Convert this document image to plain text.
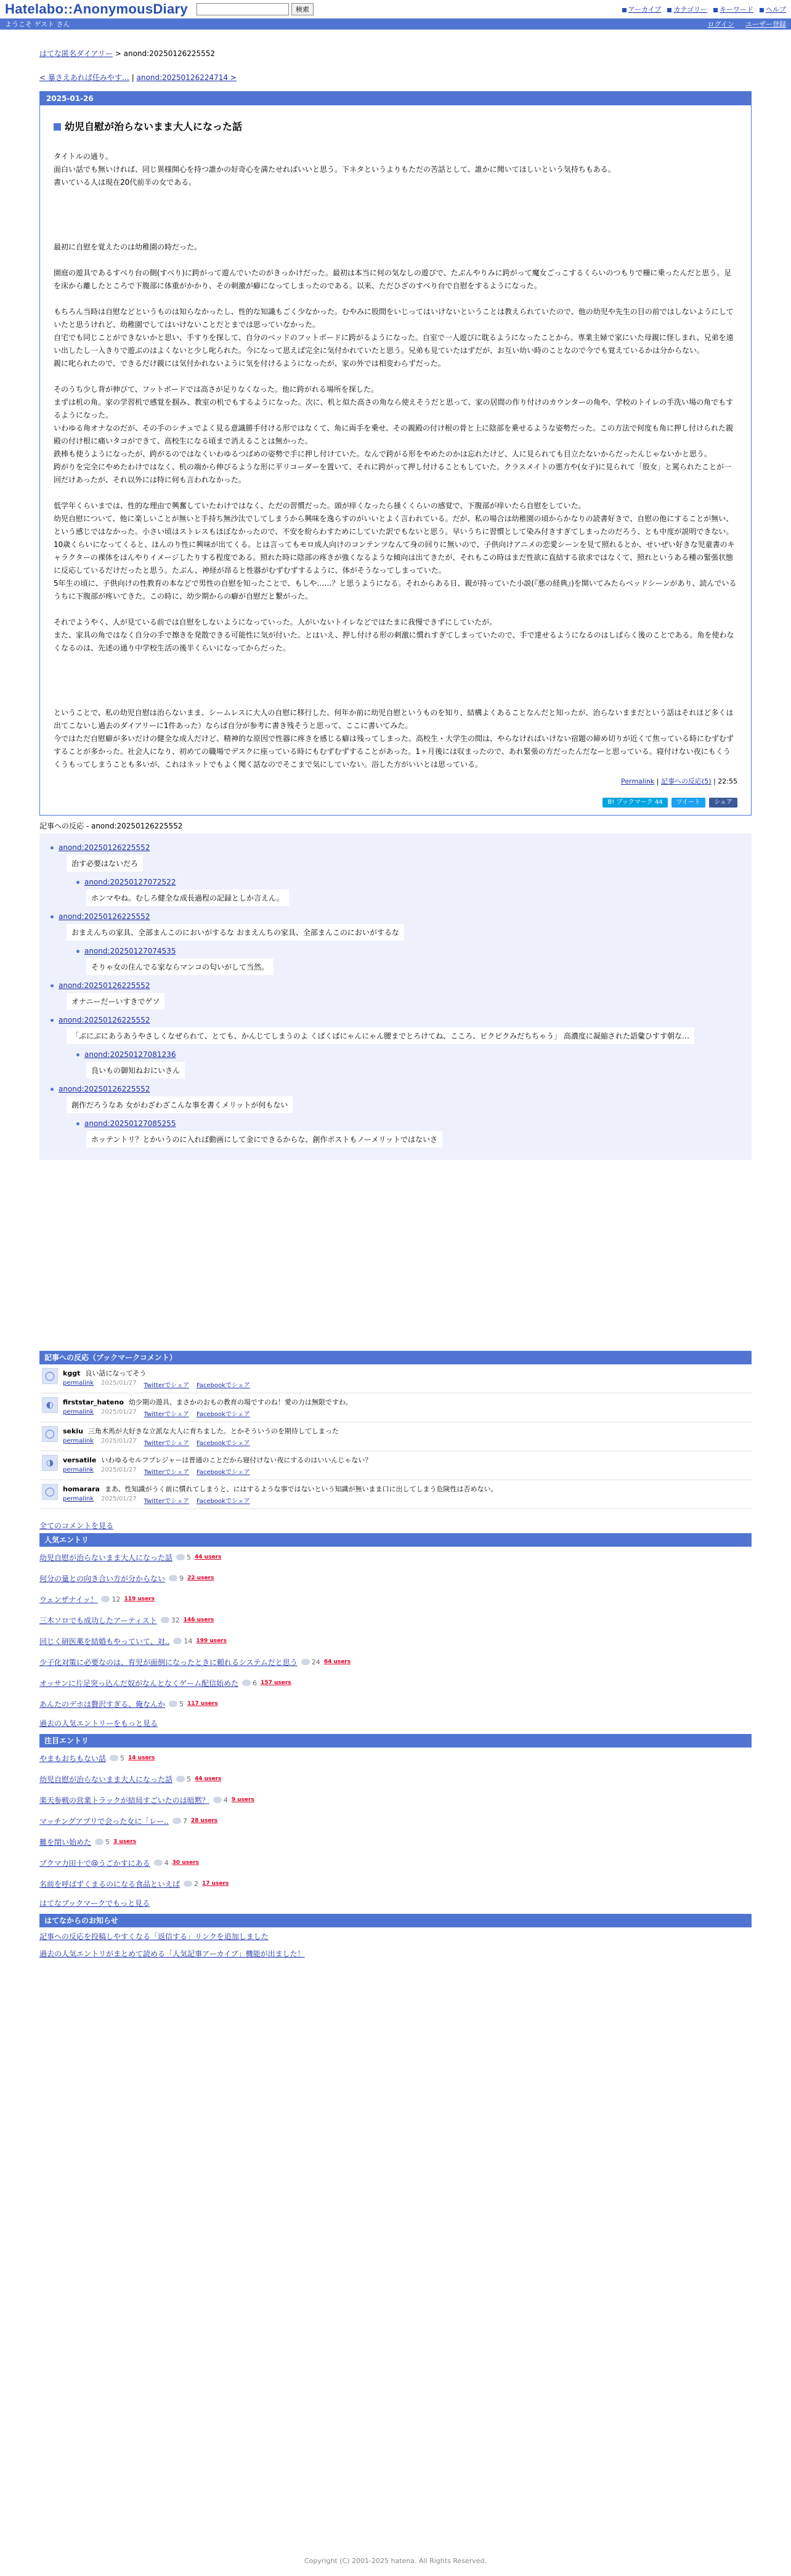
Hatelabo::AnonymousDiary	検索	アーカイブ	カテゴリー	キーワード	ヘルプ
ようこそ ゲスト さん	ログイン ユーザー登録
はてな匿名ダイアリー > anond:20250126225552
< 暴さえあれば任みやす… | anond:20250126224714 >
2025-01-26
幼児自慰が治らないまま大人になった話

タイトルの通り。

面白い話でも無いければ、同じ異様開心を持つ誰かの好奇心を満たせればいいと思う。下ネタというよりもただの苦話として、誰かに聞いてほしいという気持ちもある。

書いている人は現在20代前半の女である。

最初に自慰を覚えたのは幼稚園の時だった。

園庭の遊具であるすべり台の側(すべり)に跨がって遊んでいたのがきっかけだった。最初は本当に何の気なしの遊びで、たぶんやりみに跨がって魔女ごっこするくらいのつもりで柵に乗ったんだと思う。足を床から離したところで下腹部に体重がかかり、その刺激が癖になってしまったのである。以来、ただひざのすべり台で自慰をするようになった。

もちろん当時は自慰などというものは知らなかったし、性的な知識もごく少なかった。むやみに股間をいじってはいけないということは教えられていたので、他の幼児や先生の目の前ではしないようにしていたと思うけれど、幼稚園でしてはいけないことだとまでは思っていなかった。

自宅でも同じことができないかと思い、手すりを探して、自分のベッドのフットボードに跨がるようになった。自室で一人遊びに耽るようになったことから、専業主婦で家にいた母親に怪しまれ、兄弟を遠い出したし一入きりで遊ぶのはよくないと少し叱られた。今になって思えば完全に気付かれていたと思う。兄弟も見ていたはずだが、お互い幼い時のことなので今でも覚えているかは分からない。

親に叱られたので、できるだけ親には気付かれないように気を付けるようになったが、家の外では相変わらずだった。

そのうち少し背が伸びて、フットボードでは高さが足りなくなった。他に跨がれる場所を探した。

まずは机の角。家の学習机で感覚を掴み、教室の机でもするようになった。次に、机と似た高さの角なら使えそうだと思って、家の居間の作り付けのカウンターの角や、学校のトイレの手洗い場の角でもするようになった。

いわゆる角オナなのだが、その手のシチュでよく見る意識勝手付ける形ではなくて、角に両手を乗せ、その親殿の付け根の骨と上に陰部を乗せるような姿勢だった。この方法で何度も角に押し付けられた親殿の付け根に痛いタコができて、高校生になる頃まで消えることは無かった。

鉄棒も使うようになったが、跨がるのではなくいわゆるつばめの姿勢で手に押し付けていた。なんで跨がる形をやめたのかは忘れたけど、人に見られても目立たないからだったんじゃないかと思う。

跨がりを完全にやめたわけではなく、机の端から伸びるような形に平リコーダーを置いて、それに跨がって押し付けることもしていた。クラスメイトの悪方や(女子)に見られて「股女」と罵られたことが一回だけあったが、それ以外には特に何も言われなかった。

低学年くらいまでは、性的な理由で興奮していたわけではなく、ただの習慣だった。頭が痒くなったら掻くくらいの感覚で、下腹部が痒いたら自慰をしていた。

幼児自慰について、他に楽しいことが無いと手持ち無沙汰でしてしまうから興味を逸らすのがいいとよく言われている。だが、私の場合は幼稚園の頃からかなりの読書好きで、自慰の他にすることが無い、という感じではなかった。小さい頃はストレスもほぼなかったので、不安を紛らわすためにしていた訳でもないと思う。早いうちに習慣として染み付きすぎてしまったのだろう、とも中度が説明できない。

10歳くらいになってくると、ほんのり性に興味が出てくる。とは言ってもモロ成人向けのコンテンツなんて身の回りに無いので、子供向けアニメの恋愛シーンを見て照れるとか、せいぜい好きな児童書のキャラクターの裸体をはんやりイメージしたりする程度である。照れた時に陰部の疼きが強くなるような傾向は出てきたが、それもこの時はまだ性欲に直結する欲求ではなくて、照れというある種の緊張状態に反応しているだけだったと思う。たぶん、神経が昂ると性器がむずむずするように、体がそうなってしまっていた。

5年生の頃に、子供向けの性教育の本などで男性の自慰を知ったことで、もしや……？と思うようになる。それからある日、親が持っていた小説(『悪の経典』)を開いてみたらベッドシーンがあり、読んでいるうちに下腹部が疼いてきた。この時に、幼少期からの癖が自慰だと繋がった。

それでようやく、人が見ている前では自慰をしないようになっていった。人がいないトイレなどではたまに我慢できずにしていたが。

また、家具の角ではなく自分の手で擦きを発散できる可能性に気が付いた。とはいえ、押し付ける形の刺激に慣れすぎてしまっていたので、手で達せるようになるのはしばらく後のことである。角を使わなくなるのは、先述の通り中学校生活の後半くらいになってからだった。

ということで、私の幼児自慰は治らないまま、シームレスに大人の自慰に移行した。何年か前に幼児自慰というものを知り、結構よくあることなんだと知ったが、治らないままだという話はそれほど多くは出てこないし過去のダイアリーに1件あった）ならば自分が参考に書き残そうと思って、ここに書いてみた。

今ではただ自慰癖が多いだけの健全な成人だけど、精神的な原因で性器に疼きを感じる癖は残ってしまった。高校生・大学生の間は、やらなければいけない宿題の締め切りが近くて焦っている時にむずむずすることが多かった。社会人になり、初めての職場でデスクに座っている時にもむずむずすることがあった。1ヶ月後には収まったので、あれ緊張の方だったんだなーと思っている。寝付けない夜にもくうくうもってしまうことも多いが、これはネットでもよく聞く話なのでそこまで気にしていない。浴した方がいいとは思っている。

Permalink | 記事への反応(5) | 22:55
B! ブックマーク 44	ツイート	シェア
記事への反応 - anond:20250126225552
anond:20250126225552
治す必要はないだろ
anond:20250127072522
ホンマやね。むしろ健全な成長過程の記録としか言えん。
anond:20250126225552
おまえんちの家具、全部まんこのにおいがするな おまえんちの家具、全部まんこのにおいがするな
anond:20250127074535
そりゃ女の住んでる家ならマンコの匂いがして当然。
anond:20250126225552
オナニーだーいすきでゲソ
anond:20250126225552
「ぶにぶにあうあうやさしくなぜられて、とても、かんじてしまうのよ くぱくぱにゃんにゃん腰までとろけてね、こころ、ビクビクみだちちゃう」 高濃度に凝縮された語彙ひすす朝な…
anond:20250127081236
良いもの御知ねおにいさん
anond:20250126225552
創作だろうなあ 女がわざわざこんな事を書くメリットが何もない
anond:20250127085255
ホッテントリ？とかいうのに入れば動画にして金にできるからな、創作ポストもノーメリットではないさ
記事への反応（ブックマークコメント）
◯	kggt 良い話になってそう
permalink 2025/01/27 Twitterでシェア Facebookでシェア
◐	firststar_hateno 幼少期の遊具、まさかのおもの教育の場ですのね！愛の力は無限ですわ。
permalink 2025/01/27 Twitterでシェア Facebookでシェア
◯	sekiu 三角木馬が大好きな立派な大人に育ちました。とかそういうのを期待してしまった
permalink 2025/01/27 Twitterでシェア Facebookでシェア
◑	versatile いわゆるセルフプレジャーは普通のことだから寝付けない夜にするのはいいんじゃない？
permalink 2025/01/27 Twitterでシェア Facebookでシェア
◯	homarara まあ、性知識がうく前に慣れてしまうと、にはするような事ではないという知識が無いまま口に出してしまう危険性は否めない。
permalink 2025/01/27 Twitterでシェア Facebookでシェア
全てのコメントを見る
人気エントリ
幼児自慰が治らないまま大人になった話 5 44 users
何分の量との向き合い方が分からない 9 22 users
ウェンザナイッ！ 12 119 users
三木ソロでも成功したアーティスト 32 146 users
回じく研医薬を結婚もやっていて、対.. 14 199 users
少子化対策に必要なのは、育児が面倒になったときに頼れるシステムだと思う 24 64 users
オッサンに片足突っ込んだ奴がなんとなくゲーム配信始めた 6 157 users
あんたのデホは贅沢すぎる、俺なんか 5 117 users
過去の人気エントリーをもっと見る
注目エントリ
やまもおちもない話 5 14 users
幼児自慰が治らないまま大人になった話 5 44 users
楽天参戦の営業トラックが結局すごいたのは暗黙？ 4 9 users
マッチングアプリで会った女に「レー.. 7 28 users
難を閉い始めた 5 3 users
ブクマ力田十で@うごかすにある 4 30 users
名前を呼ばずくまるのになる食品といえば 2 17 users
はてなブックマークでもっと見る
はてなからのお知らせ
記事への反応を投稿しやすくなる「返信する」リンクを追加しました
過去の人気エントリがまとめて読める「人気記事アーカイブ」機能が出ました！
Copyright (C) 2001-2025 hatena. All Rights Reserved.
